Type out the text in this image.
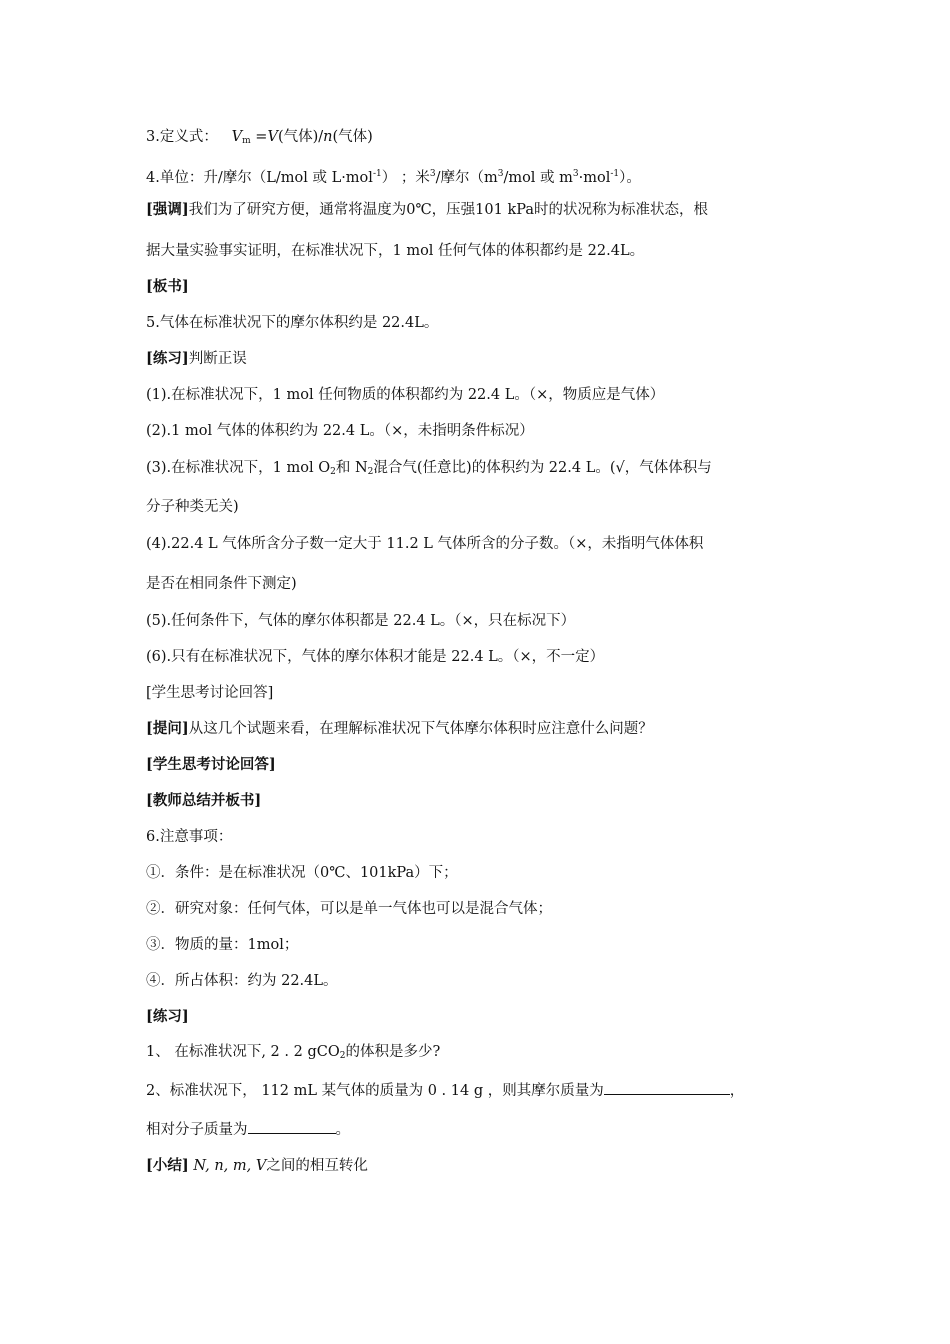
3.定义式： $V_m =V$(气体)/n(气体)
4.单位：升/摩尔（L/mol 或 L·mol$^{-1}$） ；米$^3$/摩尔（$m^3$/mol 或 $m^3\cdot mol^{-1}$）。
[强调]我们为了研究方便，通常将温度为0℃，压强101 kPa时的状况称为标准状态，根
据大量实验事实证明，在标准状况下，1 mol 任何气体的体积都约是 22.4L。
[板书]
5.气体在标准状况下的摩尔体积约是 22.4L。
[练习]判断正误
(1).在标准状况下，1 mol 任何物质的体积都约为 22.4 L。（×，物质应是气体）
(2).1 mol 气体的体积约为 22.4 L。（×，未指明条件标况）
(3).在标准状况下，1 mol $O_2$和 $N_2$混合气(任意比)的体积约为 22.4 L。(√，气体体积与
分子种类无关)
(4).22.4 L 气体所含分子数一定大于 11.2 L 气体所含的分子数。（×，未指明气体体积
是否在相同条件下测定)
(5).任何条件下，气体的摩尔体积都是 22.4 L。（×，只在标况下）
(6).只有在标准状况下，气体的摩尔体积才能是 22.4 L。（×，不一定）
[学生思考讨论回答]
[提问]从这几个试题来看，在理解标准状况下气体摩尔体积时应注意什么问题？
[学生思考讨论回答]
[教师总结并板书]
6.注意事项：
①．条件：是在标准状况（0℃、101kPa）下；
②．研究对象：任何气体，可以是单一气体也可以是混合气体；
③．物质的量：1mol；
④．所占体积：约为 22.4L。
[练习]
1、 在标准状况下, 2 . 2 gCO$_2$的体积是多少?
2、标准状况下， 112 mL 某气体的质量为 0 . 14 g ，则其摩尔质量为	，
相对分子质量为	。
[小结] N, n, m, V之间的相互转化
